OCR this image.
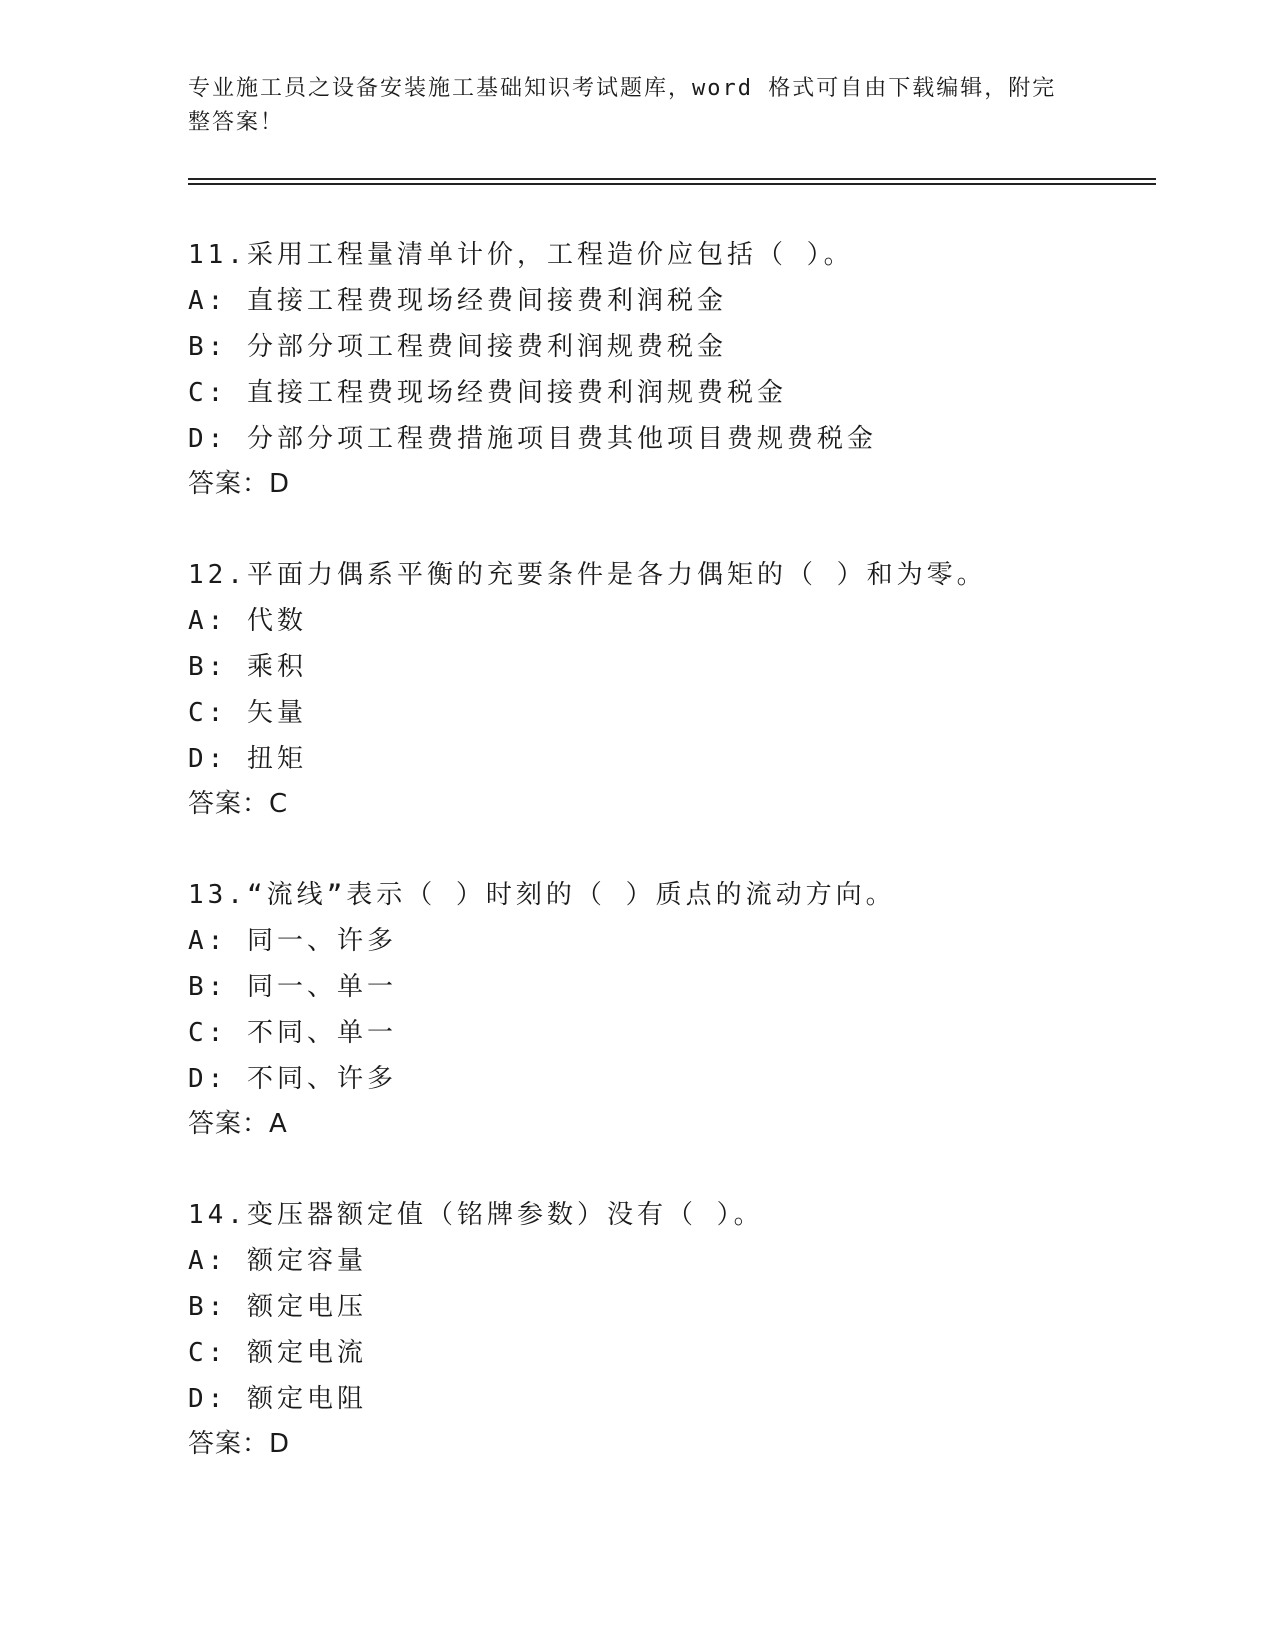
专业施工员之设备安装施工基础知识考试题库，word 格式可自由下载编辑，附完
整答案！
11.采用工程量清单计价，工程造价应包括（ ）。
A: 直接工程费现场经费间接费利润税金
B: 分部分项工程费间接费利润规费税金
C: 直接工程费现场经费间接费利润规费税金
D: 分部分项工程费措施项目费其他项目费规费税金
答案：D
12.平面力偶系平衡的充要条件是各力偶矩的（ ）和为零。
A: 代数
B: 乘积
C: 矢量
D: 扭矩
答案：C
13.“流线”表示（ ）时刻的（ ）质点的流动方向。
A: 同一、许多
B: 同一、单一
C: 不同、单一
D: 不同、许多
答案：A
14.变压器额定值（铭牌参数）没有（ ）。
A: 额定容量
B: 额定电压
C: 额定电流
D: 额定电阻
答案：D
